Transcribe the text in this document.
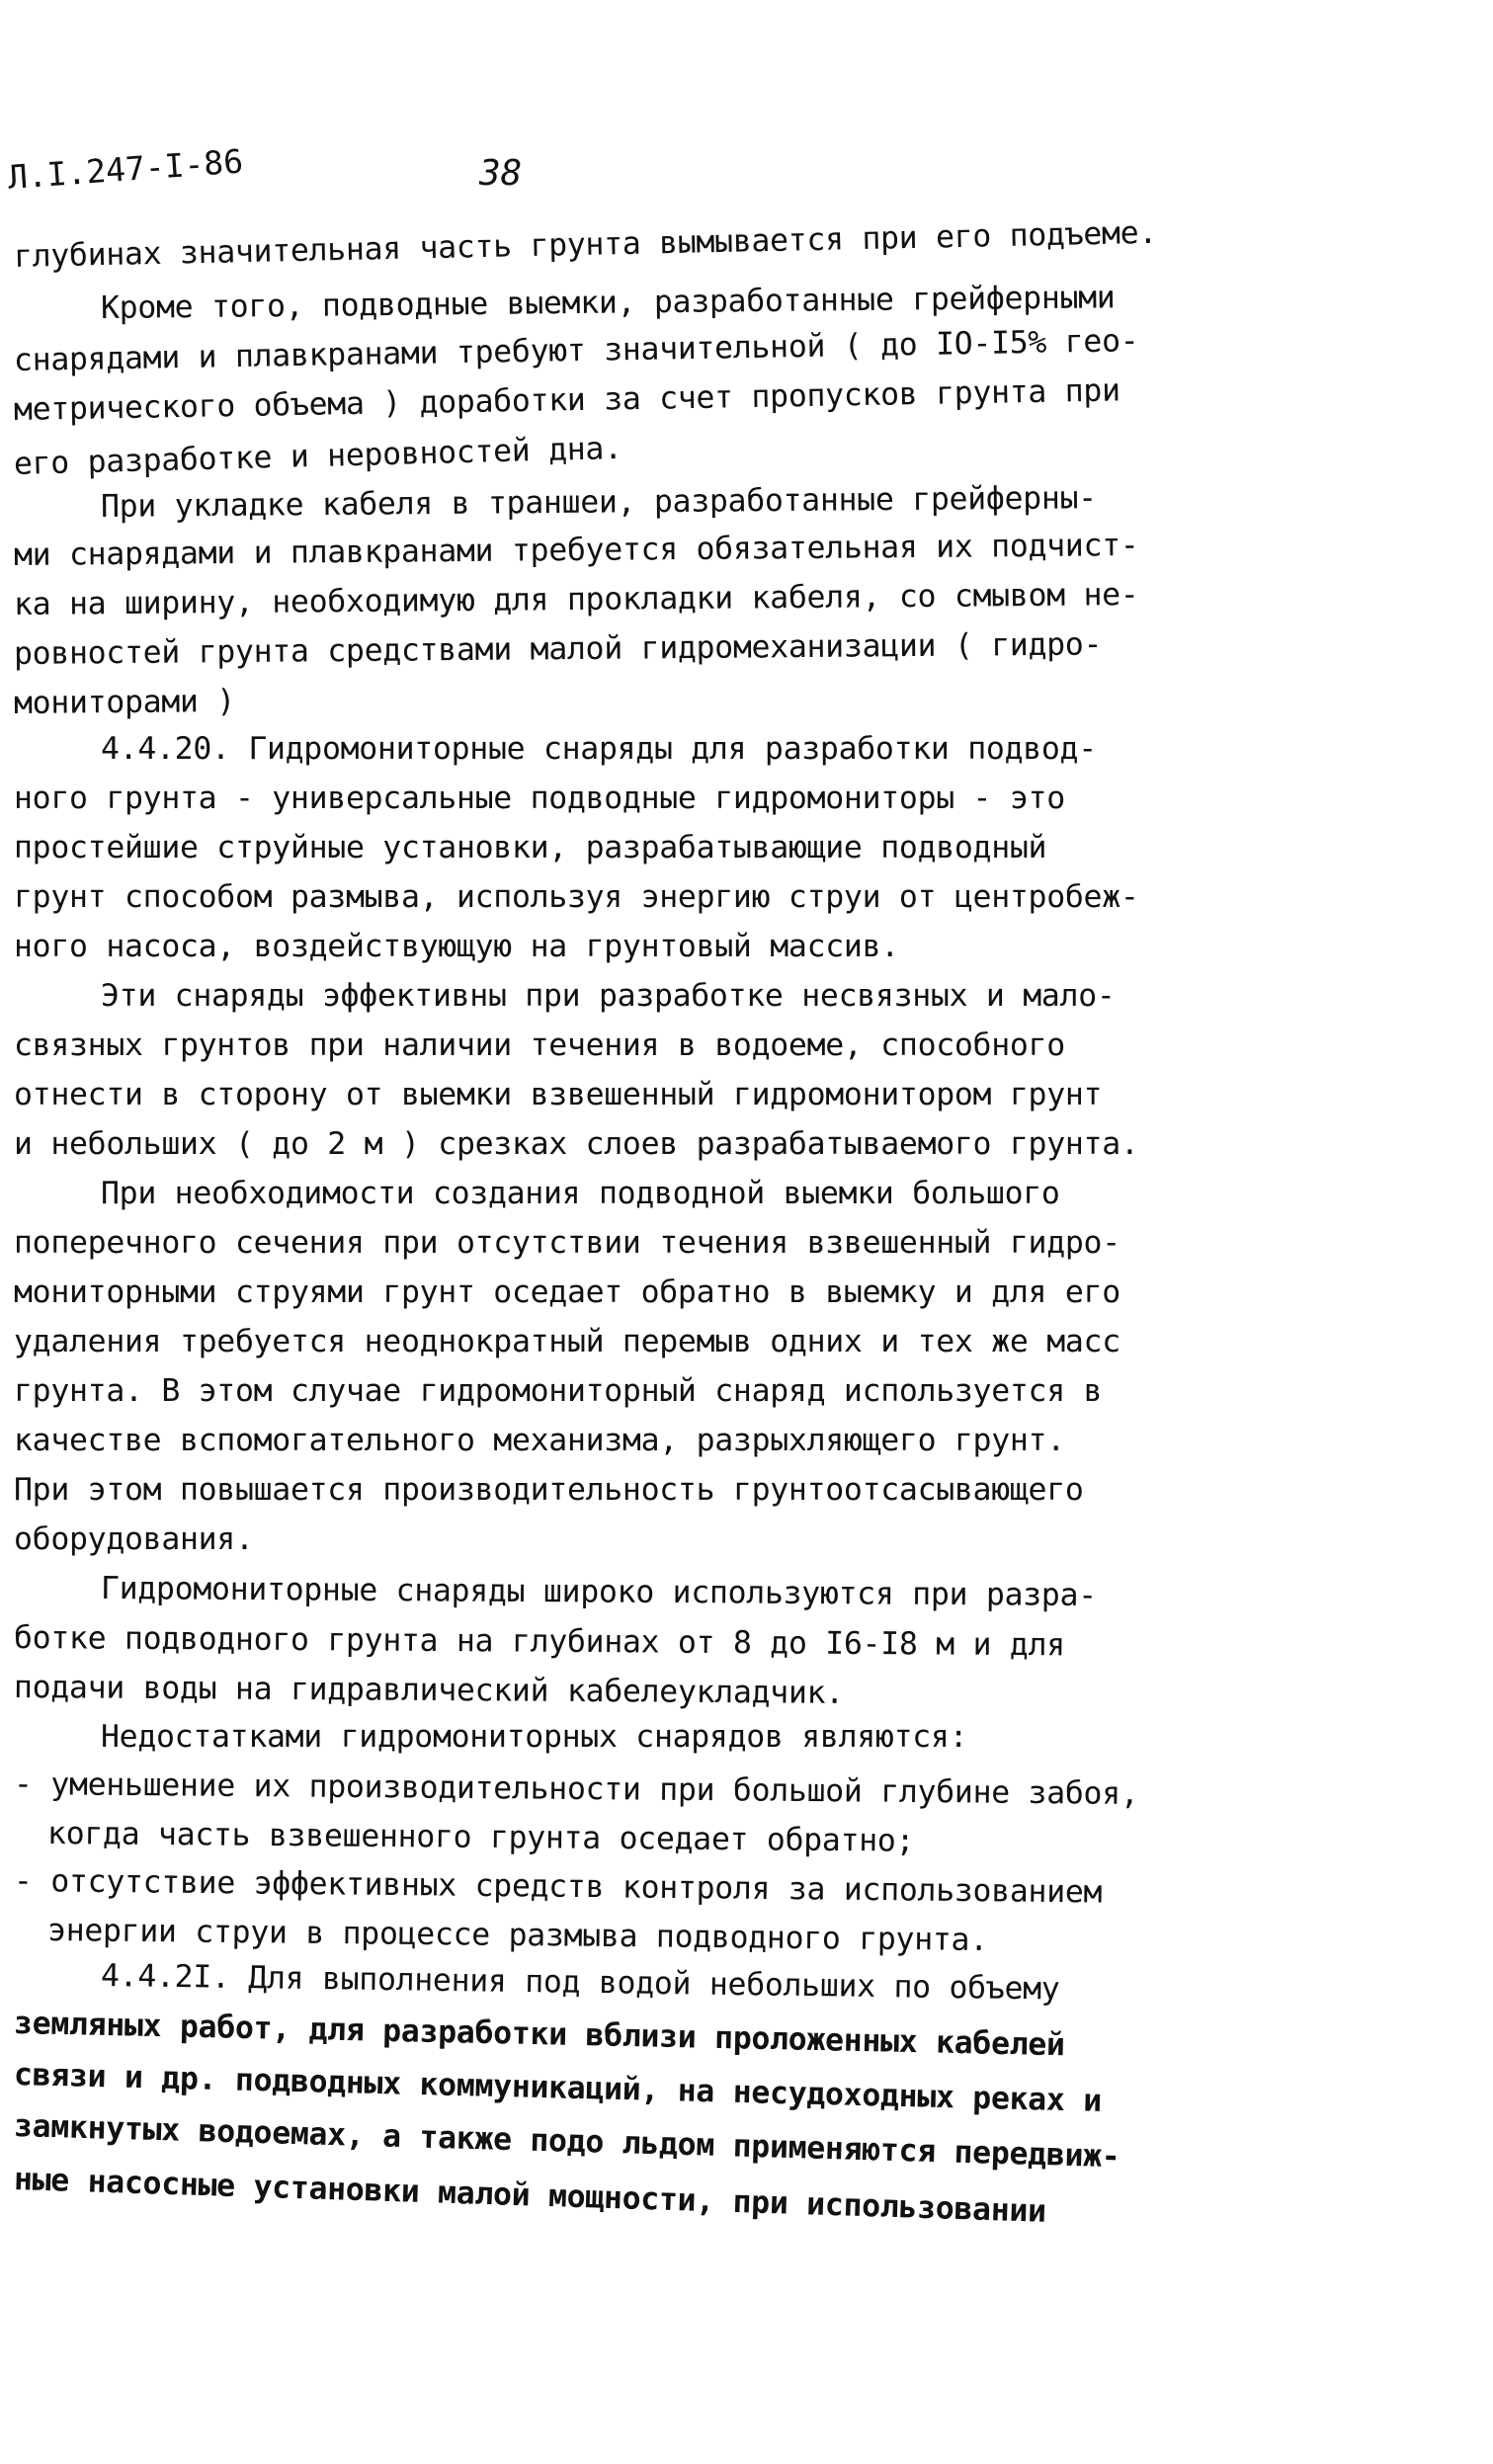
Л.I.247-I-86	38
глубинах значительная часть грунта вымывается при его подъеме.
Кроме того, подводные выемки, разработанные грейферными
снарядами и плавкранами требуют значительной ( до IO-I5% гео-
метрического объема ) доработки за счет пропусков грунта при
его разработке и неровностей дна.
При укладке кабеля в траншеи, разработанные грейферны-
ми снарядами и плавкранами требуется обязательная их подчист-
ка на ширину, необходимую для прокладки кабеля, со смывом не-
ровностей грунта средствами малой гидромеханизации ( гидро-
мониторами )
4.4.20. Гидромониторные снаряды для разработки подвод-
ного грунта - универсальные подводные гидромониторы - это
простейшие струйные установки, разрабатывающие подводный
грунт способом размыва, используя энергию струи от центробеж-
ного насоса, воздействующую на грунтовый массив.
Эти снаряды эффективны при разработке несвязных и мало-
связных грунтов при наличии течения в водоеме, способного
отнести в сторону от выемки взвешенный гидромонитором грунт
и небольших ( до 2 м ) срезках слоев разрабатываемого грунта.
При необходимости создания подводной выемки большого
поперечного сечения при отсутствии течения взвешенный гидро-
мониторными струями грунт оседает обратно в выемку и для его
удаления требуется неоднократный перемыв одних и тех же масс
грунта. В этом случае гидромониторный снаряд используется в
качестве вспомогательного механизма, разрыхляющего грунт.
При этом повышается производительность грунтоотсасывающего
оборудования.
Гидромониторные снаряды широко используются при разра-
ботке подводного грунта на глубинах от 8 до I6-I8 м и для
подачи воды на гидравлический кабелеукладчик.
Недостатками гидромониторных снарядов являются:
- уменьшение их производительности при большой глубине забоя,
когда часть взвешенного грунта оседает обратно;
- отсутствие эффективных средств контроля за использованием
энергии струи в процессе размыва подводного грунта.
4.4.2I. Для выполнения под водой небольших по объему
земляных работ, для разработки вблизи проложенных кабелей
связи и др. подводных коммуникаций, на несудоходных реках и
замкнутых водоемах, а также подо льдом применяются передвиж-
ные насосные установки малой мощности, при использовании
